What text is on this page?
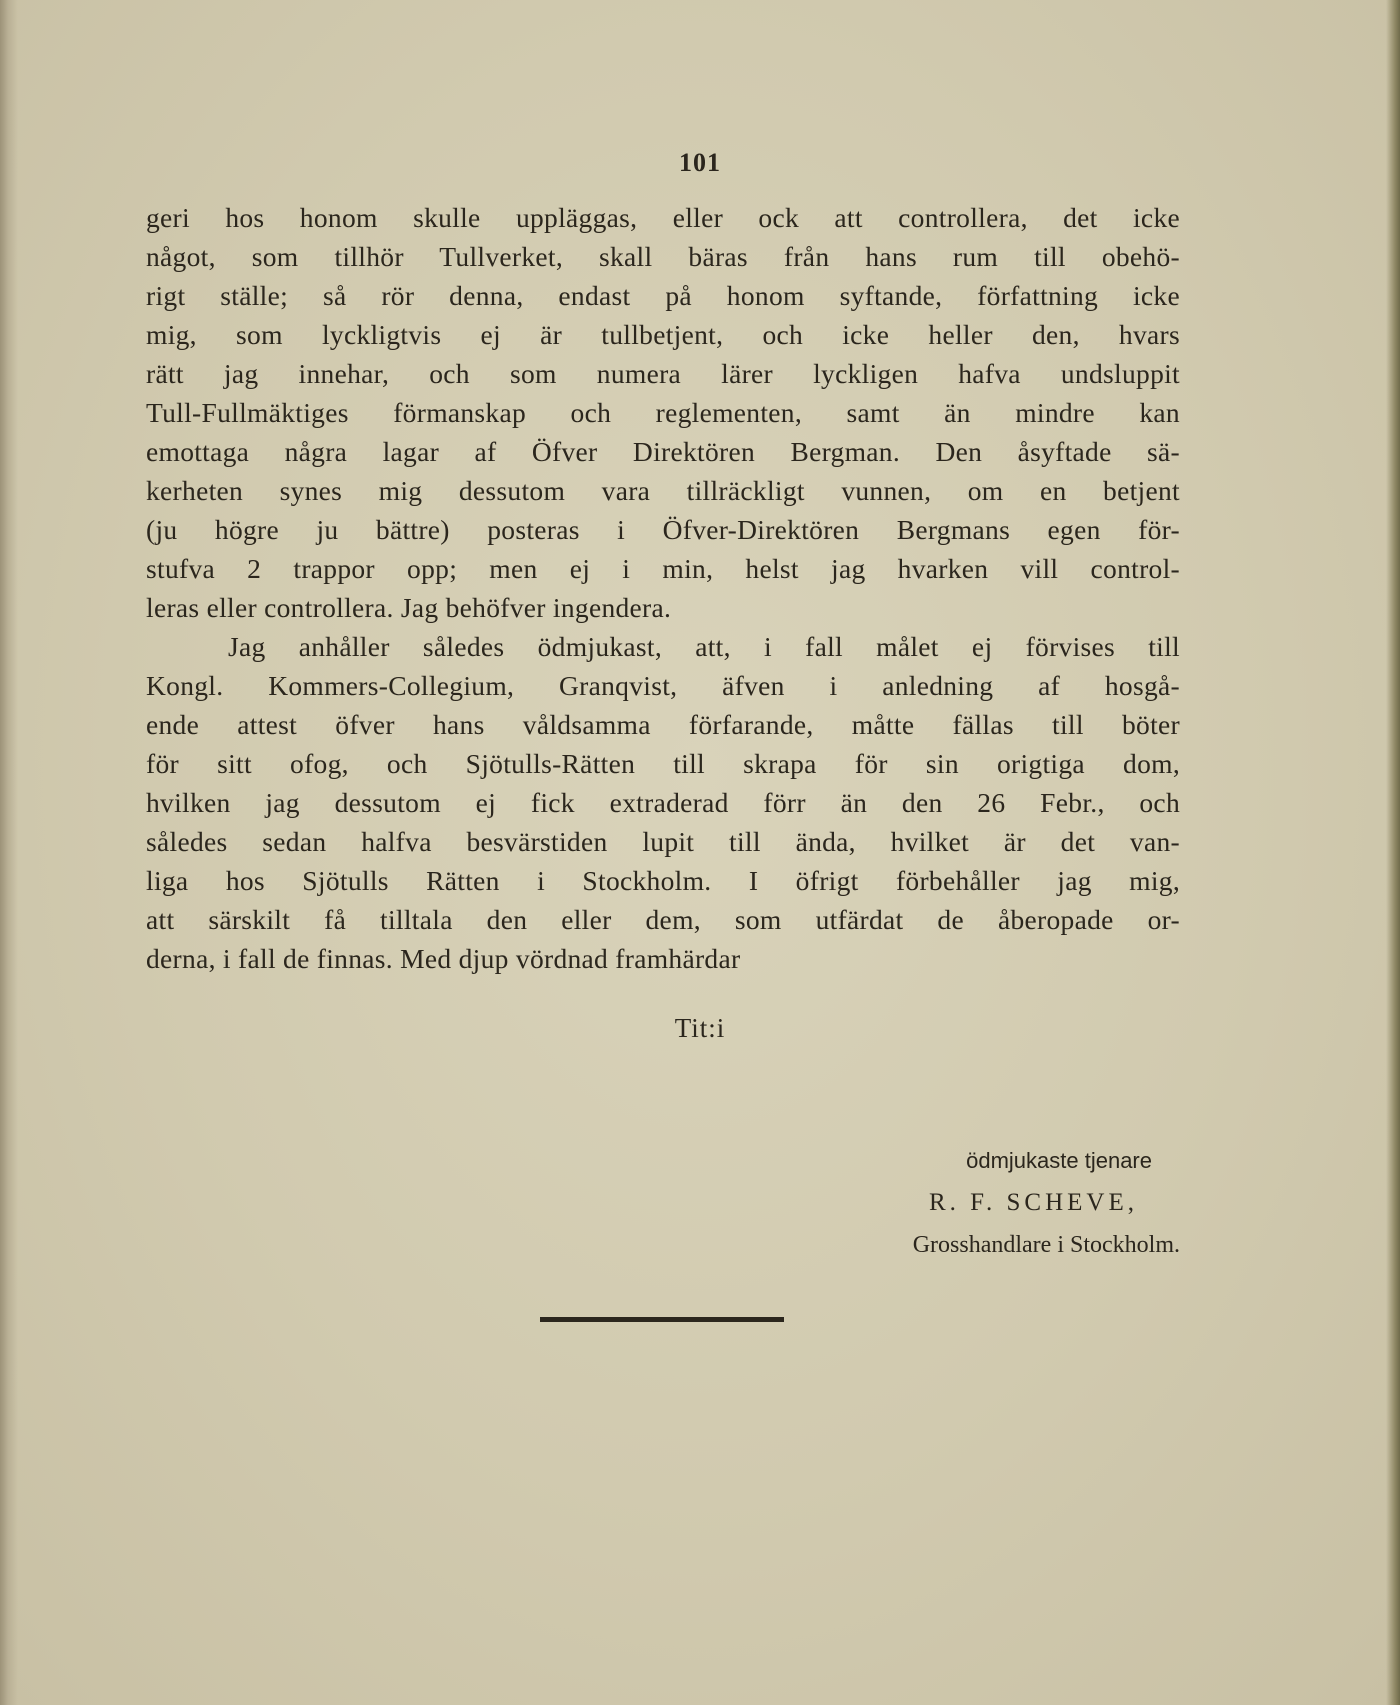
101
geri hos honom skulle uppläggas, eller ock att controllera, det icke
något, som tillhör Tullverket, skall bäras från hans rum till obehö-
rigt ställe; så rör denna, endast på honom syftande, författning icke
mig, som lyckligtvis ej är tullbetjent, och icke heller den, hvars
rätt jag innehar, och som numera lärer lyckligen hafva undsluppit
Tull-Fullmäktiges förmanskap och reglementen, samt än mindre kan
emottaga några lagar af Öfver Direktören Bergman. Den åsyftade sä-
kerheten synes mig dessutom vara tillräckligt vunnen, om en betjent
(ju högre ju bättre) posteras i Öfver-Direktören Bergmans egen för-
stufva 2 trappor opp; men ej i min, helst jag hvarken vill control-
leras eller controllera. Jag behöfver ingendera.
Jag anhåller således ödmjukast, att, i fall målet ej förvises till
Kongl. Kommers-Collegium, Granqvist, äfven i anledning af hosgå-
ende attest öfver hans våldsamma förfarande, måtte fällas till böter
för sitt ofog, och Sjötulls-Rätten till skrapa för sin origtiga dom,
hvilken jag dessutom ej fick extraderad förr än den 26 Febr., och
således sedan halfva besvärstiden lupit till ända, hvilket är det van-
liga hos Sjötulls Rätten i Stockholm. I öfrigt förbehåller jag mig,
att särskilt få tilltala den eller dem, som utfärdat de åberopade or-
derna, i fall de finnas. Med djup vördnad framhärdar
Tit:i
ödmjukaste tjenare
R. F. SCHEVE,
Grosshandlare i Stockholm.
